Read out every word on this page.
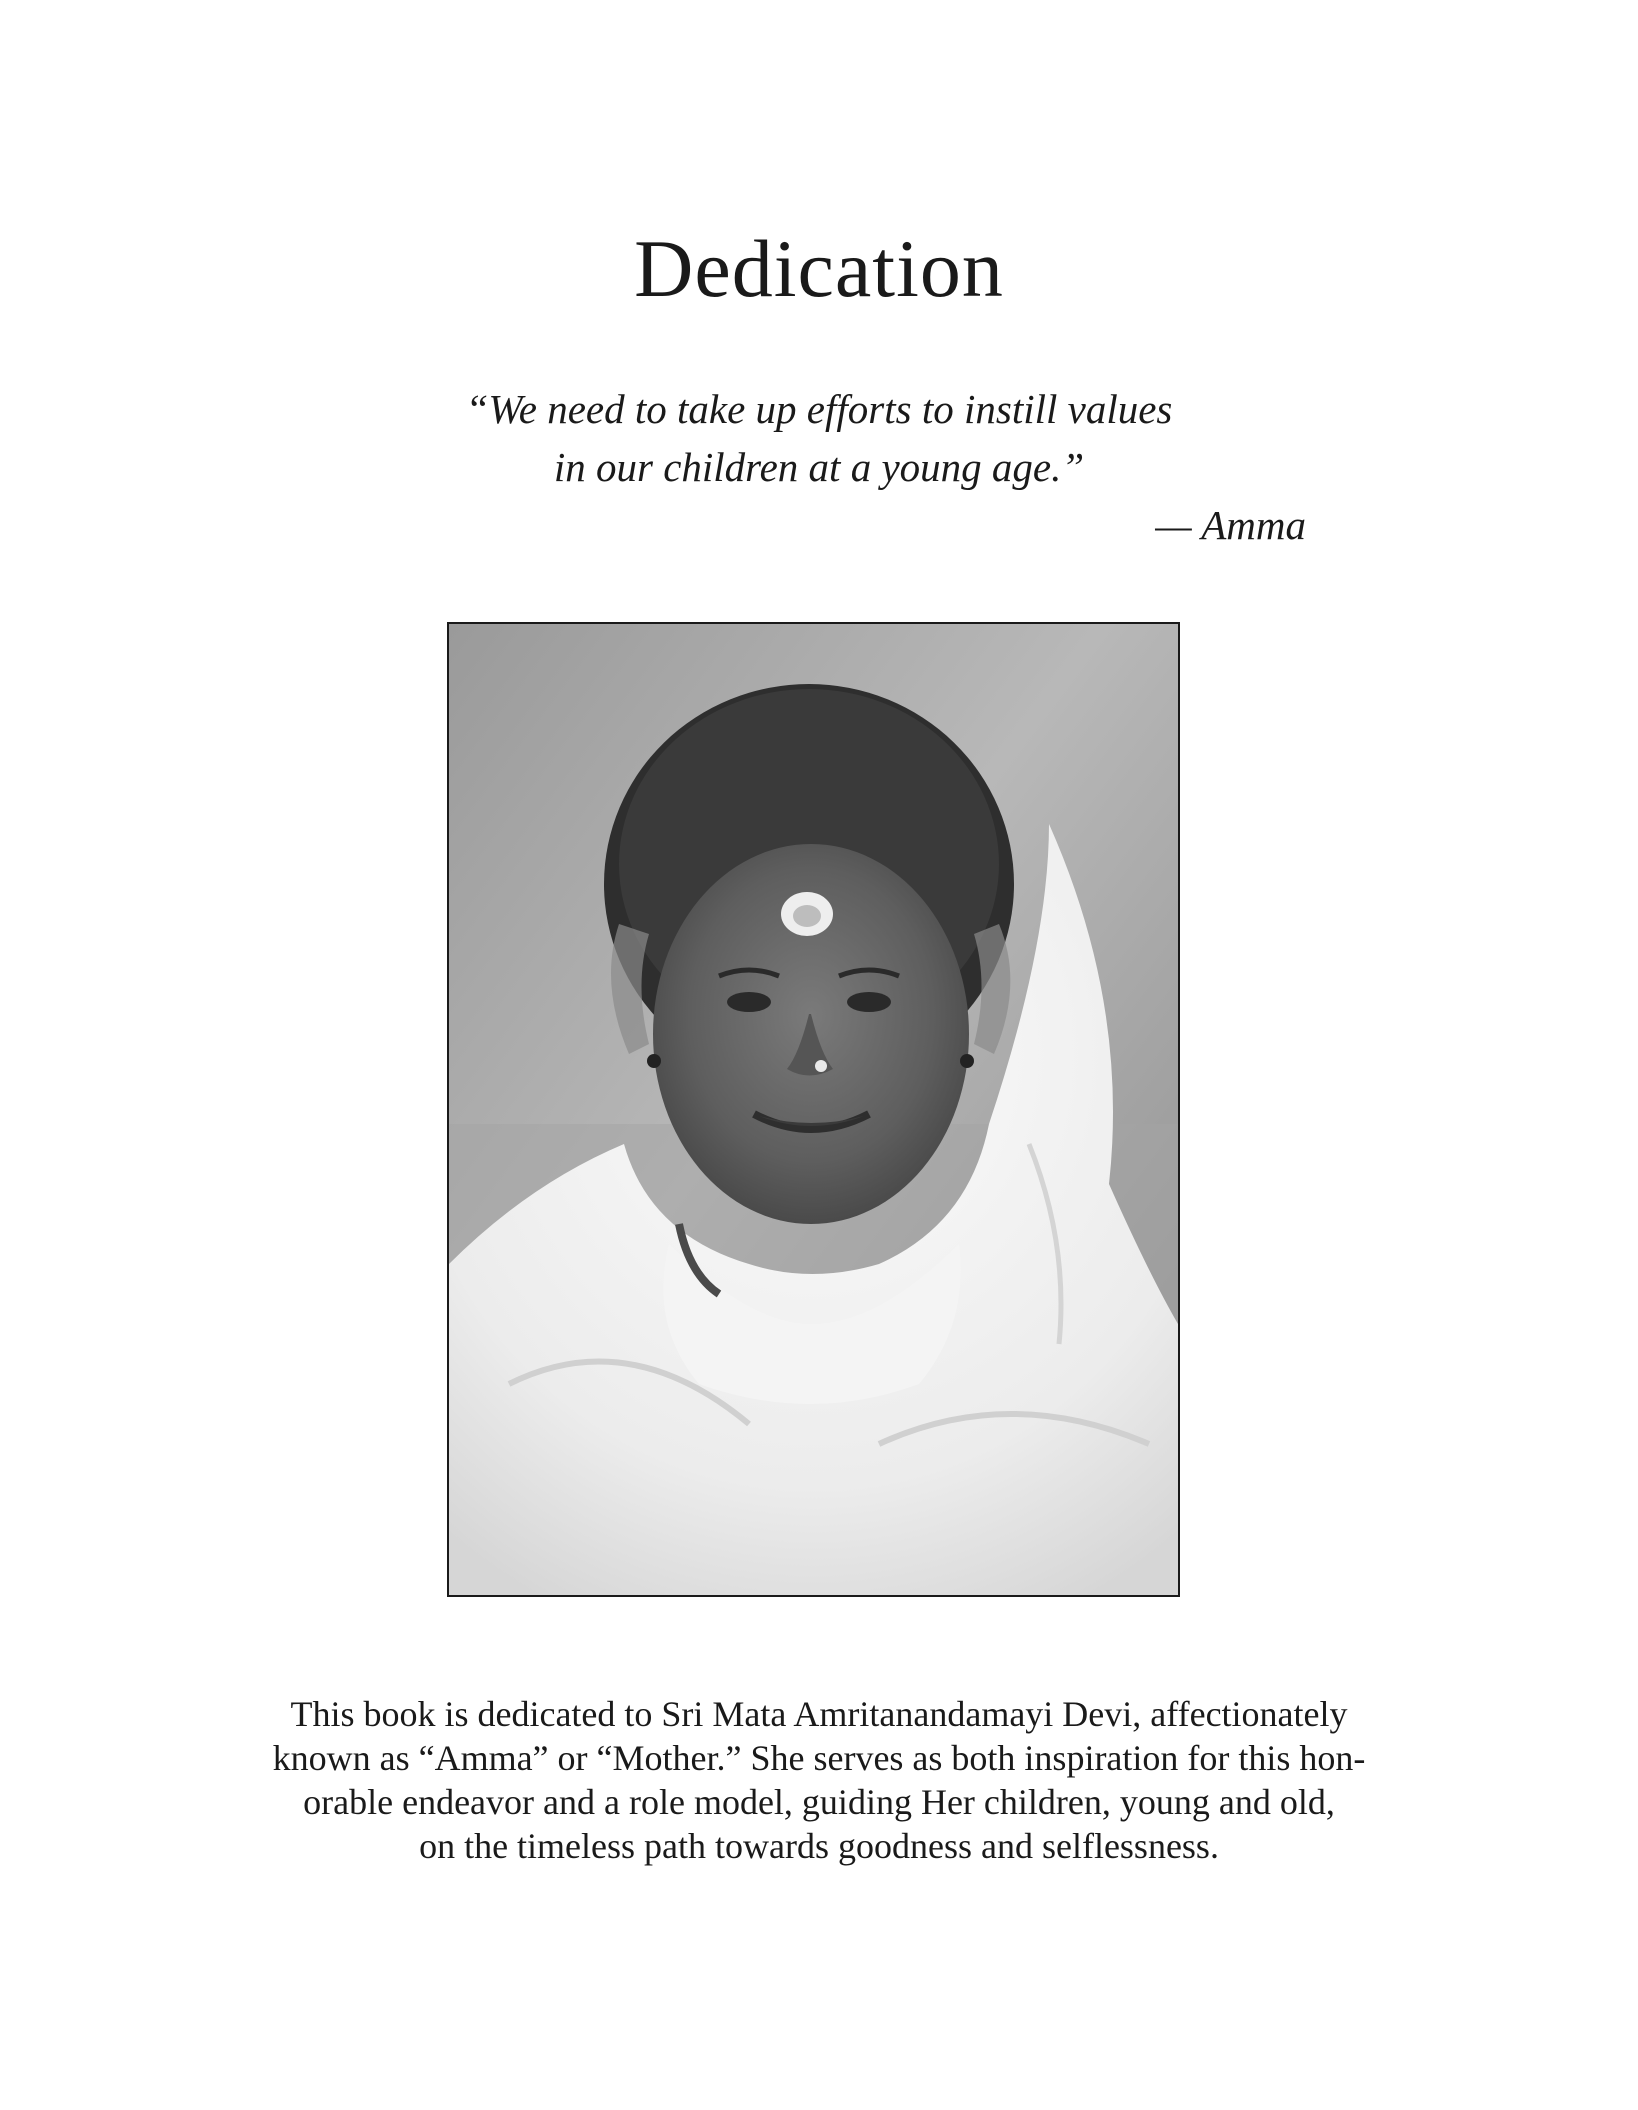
Dedication

“We need to take up efforts to instill values
in our children at a young age.”

— Amma

This book is dedicated to Sri Mata Amritanandamayi Devi, affectionately
known as “Amma” or “Mother.” She serves as both inspiration for this hon-
orable endeavor and a role model, guiding Her children, young and old,
on the timeless path towards goodness and selflessness.
